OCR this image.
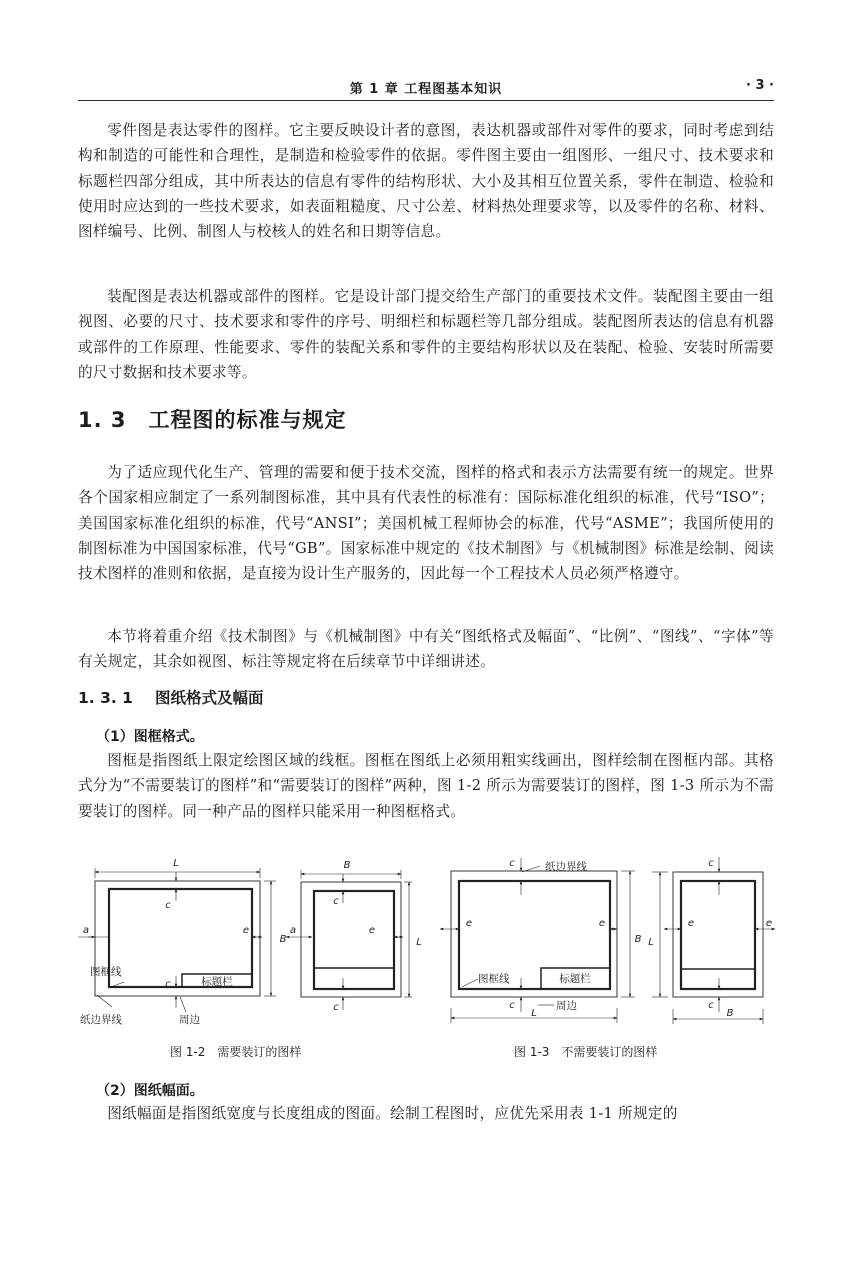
第 1 章 工程图基本知识	· 3 ·

零件图是表达零件的图样。它主要反映设计者的意图，表达机器或部件对零件的要求，同时考虑到结构和制造的可能性和合理性，是制造和检验零件的依据。零件图主要由一组图形、一组尺寸、技术要求和标题栏四部分组成，其中所表达的信息有零件的结构形状、大小及其相互位置关系，零件在制造、检验和使用时应达到的一些技术要求，如表面粗糙度、尺寸公差、材料热处理要求等，以及零件的名称、材料、图样编号、比例、制图人与校核人的姓名和日期等信息。

装配图是表达机器或部件的图样。它是设计部门提交给生产部门的重要技术文件。装配图主要由一组视图、必要的尺寸、技术要求和零件的序号、明细栏和标题栏等几部分组成。装配图所表达的信息有机器或部件的工作原理、性能要求、零件的装配关系和零件的主要结构形状以及在装配、检验、安装时所需要的尺寸数据和技术要求等。

1. 3 工程图的标准与规定

为了适应现代化生产、管理的需要和便于技术交流，图样的格式和表示方法需要有统一的规定。世界各个国家相应制定了一系列制图标准，其中具有代表性的标准有：国际标准化组织的标准，代号“ISO”；美国国家标准化组织的标准，代号“ANSI”；美国机械工程师协会的标准，代号“ASME”；我国所使用的制图标准为中国国家标准，代号“GB”。国家标准中规定的《技术制图》与《机械制图》标准是绘制、阅读技术图样的准则和依据，是直接为设计生产服务的，因此每一个工程技术人员必须严格遵守。

本节将着重介绍《技术制图》与《机械制图》中有关“图纸格式及幅面”、“比例”、“图线”、“字体”等有关规定，其余如视图、标注等规定将在后续章节中详细讲述。

1. 3. 1 图纸格式及幅面

（1）图框格式。

图框是指图纸上限定绘图区域的线框。图框在图纸上必须用粗实线画出，图样绘制在图框内部。其格式分为“不需要装订的图样”和“需要装订的图样”两种，图 1-2 所示为需要装订的图样，图 1-3 所示为不需要装订的图样。同一种产品的图样只能采用一种图框格式。

L
B
a	e
c
c
B
L
a	e
c
c
c
c
e	e
L
B
c
c
e	e
B
L
图框线
标题栏
纸边界线	周边
纸边界线
图框线	标题栏
周边
图 1-2 需要装订的图样	图 1-3 不需要装订的图样

（2）图纸幅面。

图纸幅面是指图纸宽度与长度组成的图面。绘制工程图时，应优先采用表 1-1 所规定的
